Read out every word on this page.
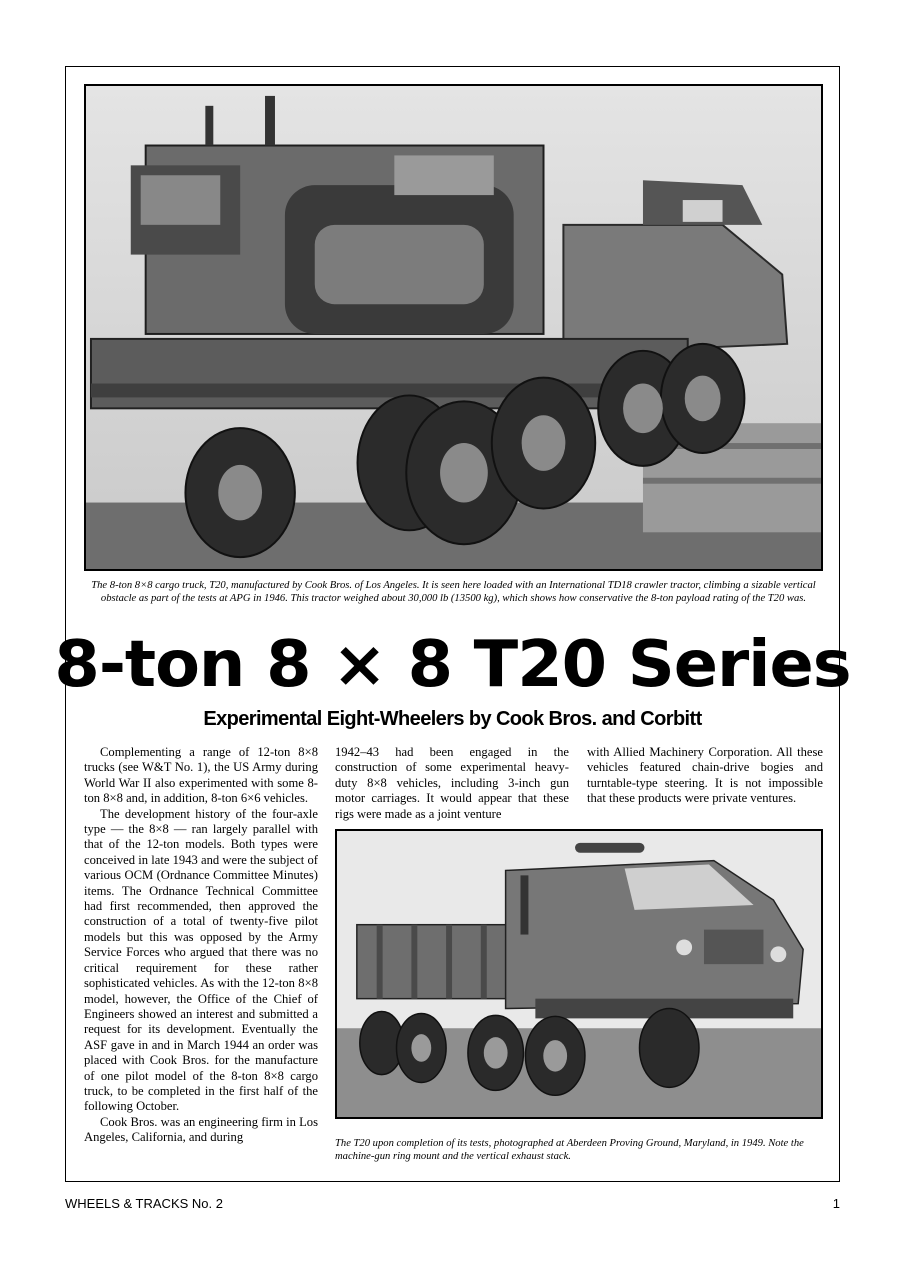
The 8-ton 8×8 cargo truck, T20, manufactured by Cook Bros. of Los Angeles. It is seen here loaded with an International TD18 crawler tractor, climbing a sizable vertical obstacle as part of the tests at APG in 1946. This tractor weighed about 30,000 lb (13500 kg), which shows how conservative the 8-ton payload rating of the T20 was.
8-ton 8 × 8 T20 Series
Experimental Eight-Wheelers by Cook Bros. and Corbitt

Complementing a range of 12-ton 8×8 trucks (see W&T No. 1), the US Army during World War II also experimented with some 8-ton 8×8 and, in addition, 8-ton 6×6 vehicles.

The development history of the four-axle type — the 8×8 — ran largely parallel with that of the 12-ton models. Both types were conceived in late 1943 and were the subject of various OCM (Ordnance Committee Minutes) items. The Ordnance Technical Committee had first recommended, then approved the construction of a total of twenty-five pilot models but this was opposed by the Army Service Forces who argued that there was no critical requirement for these rather sophisticated vehicles. As with the 12-ton 8×8 model, however, the Office of the Chief of Engineers showed an interest and submitted a request for its development. Eventually the ASF gave in and in March 1944 an order was placed with Cook Bros. for the manufacture of one pilot model of the 8-ton 8×8 cargo truck, to be completed in the first half of the following October.

Cook Bros. was an engineering firm in Los Angeles, California, and during

1942–43 had been engaged in the construction of some experimental heavy-duty 8×8 vehicles, including 3-inch gun motor carriages. It would appear that these rigs were made as a joint venture

with Allied Machinery Corporation. All these vehicles featured chain-drive bogies and turntable-type steering. It is not impossible that these products were private ventures.

The T20 upon completion of its tests, photographed at Aberdeen Proving Ground, Maryland, in 1949. Note the machine-gun ring mount and the vertical exhaust stack.
WHEELS & TRACKS No. 2	1
